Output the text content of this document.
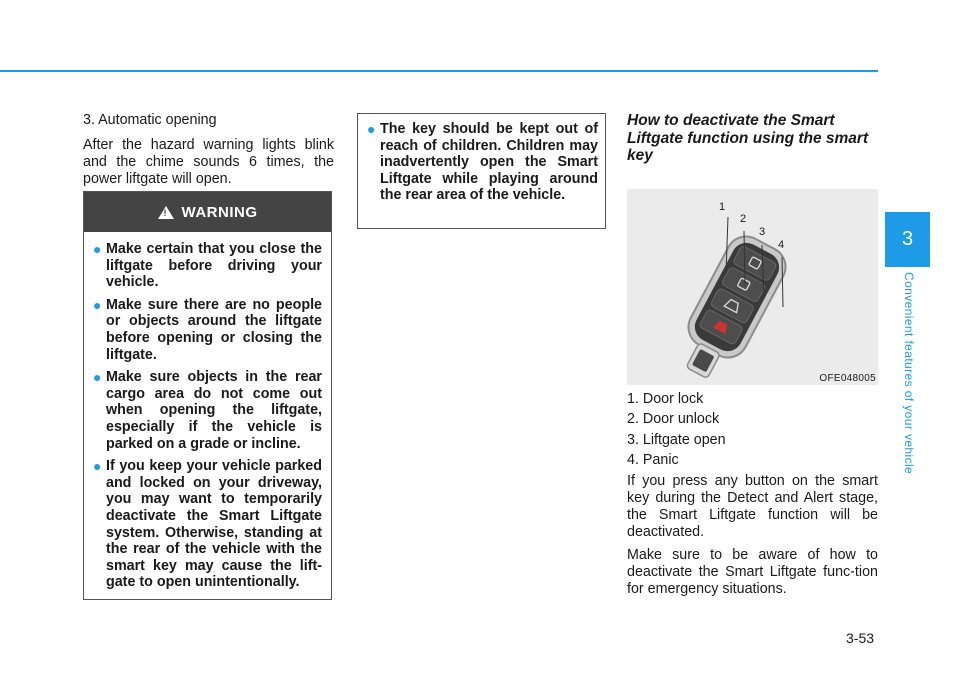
3. Automatic opening

After the hazard warning lights blink and the chime sounds 6 times, the power liftgate will open.

!
WARNING
● Make certain that you close the liftgate before driving your vehicle.
● Make sure there are no people or objects around the liftgate before opening or closing the liftgate.
● Make sure objects in the rear cargo area do not come out when opening the liftgate, especially if the vehicle is parked on a grade or incline.
● If you keep your vehicle parked and locked on your driveway, you may want to temporarily deactivate the Smart Liftgate system. Otherwise, standing at the rear of the vehicle with the smart key may cause the lift-gate to open unintentionally.
● The key should be kept out of reach of children. Children may inadvertently open the Smart Liftgate while playing around the rear area of the vehicle.
How to deactivate the Smart Liftgate function using the smart key
1
2
3
4
OFE048005

1. Door lock

2. Door unlock

3. Liftgate open

4. Panic

If you press any button on the smart key during the Detect and Alert stage, the Smart Liftgate function will be deactivated.

Make sure to be aware of how to deactivate the Smart Liftgate func-tion for emergency situations.

3
Convenient features of your vehicle
3-53
